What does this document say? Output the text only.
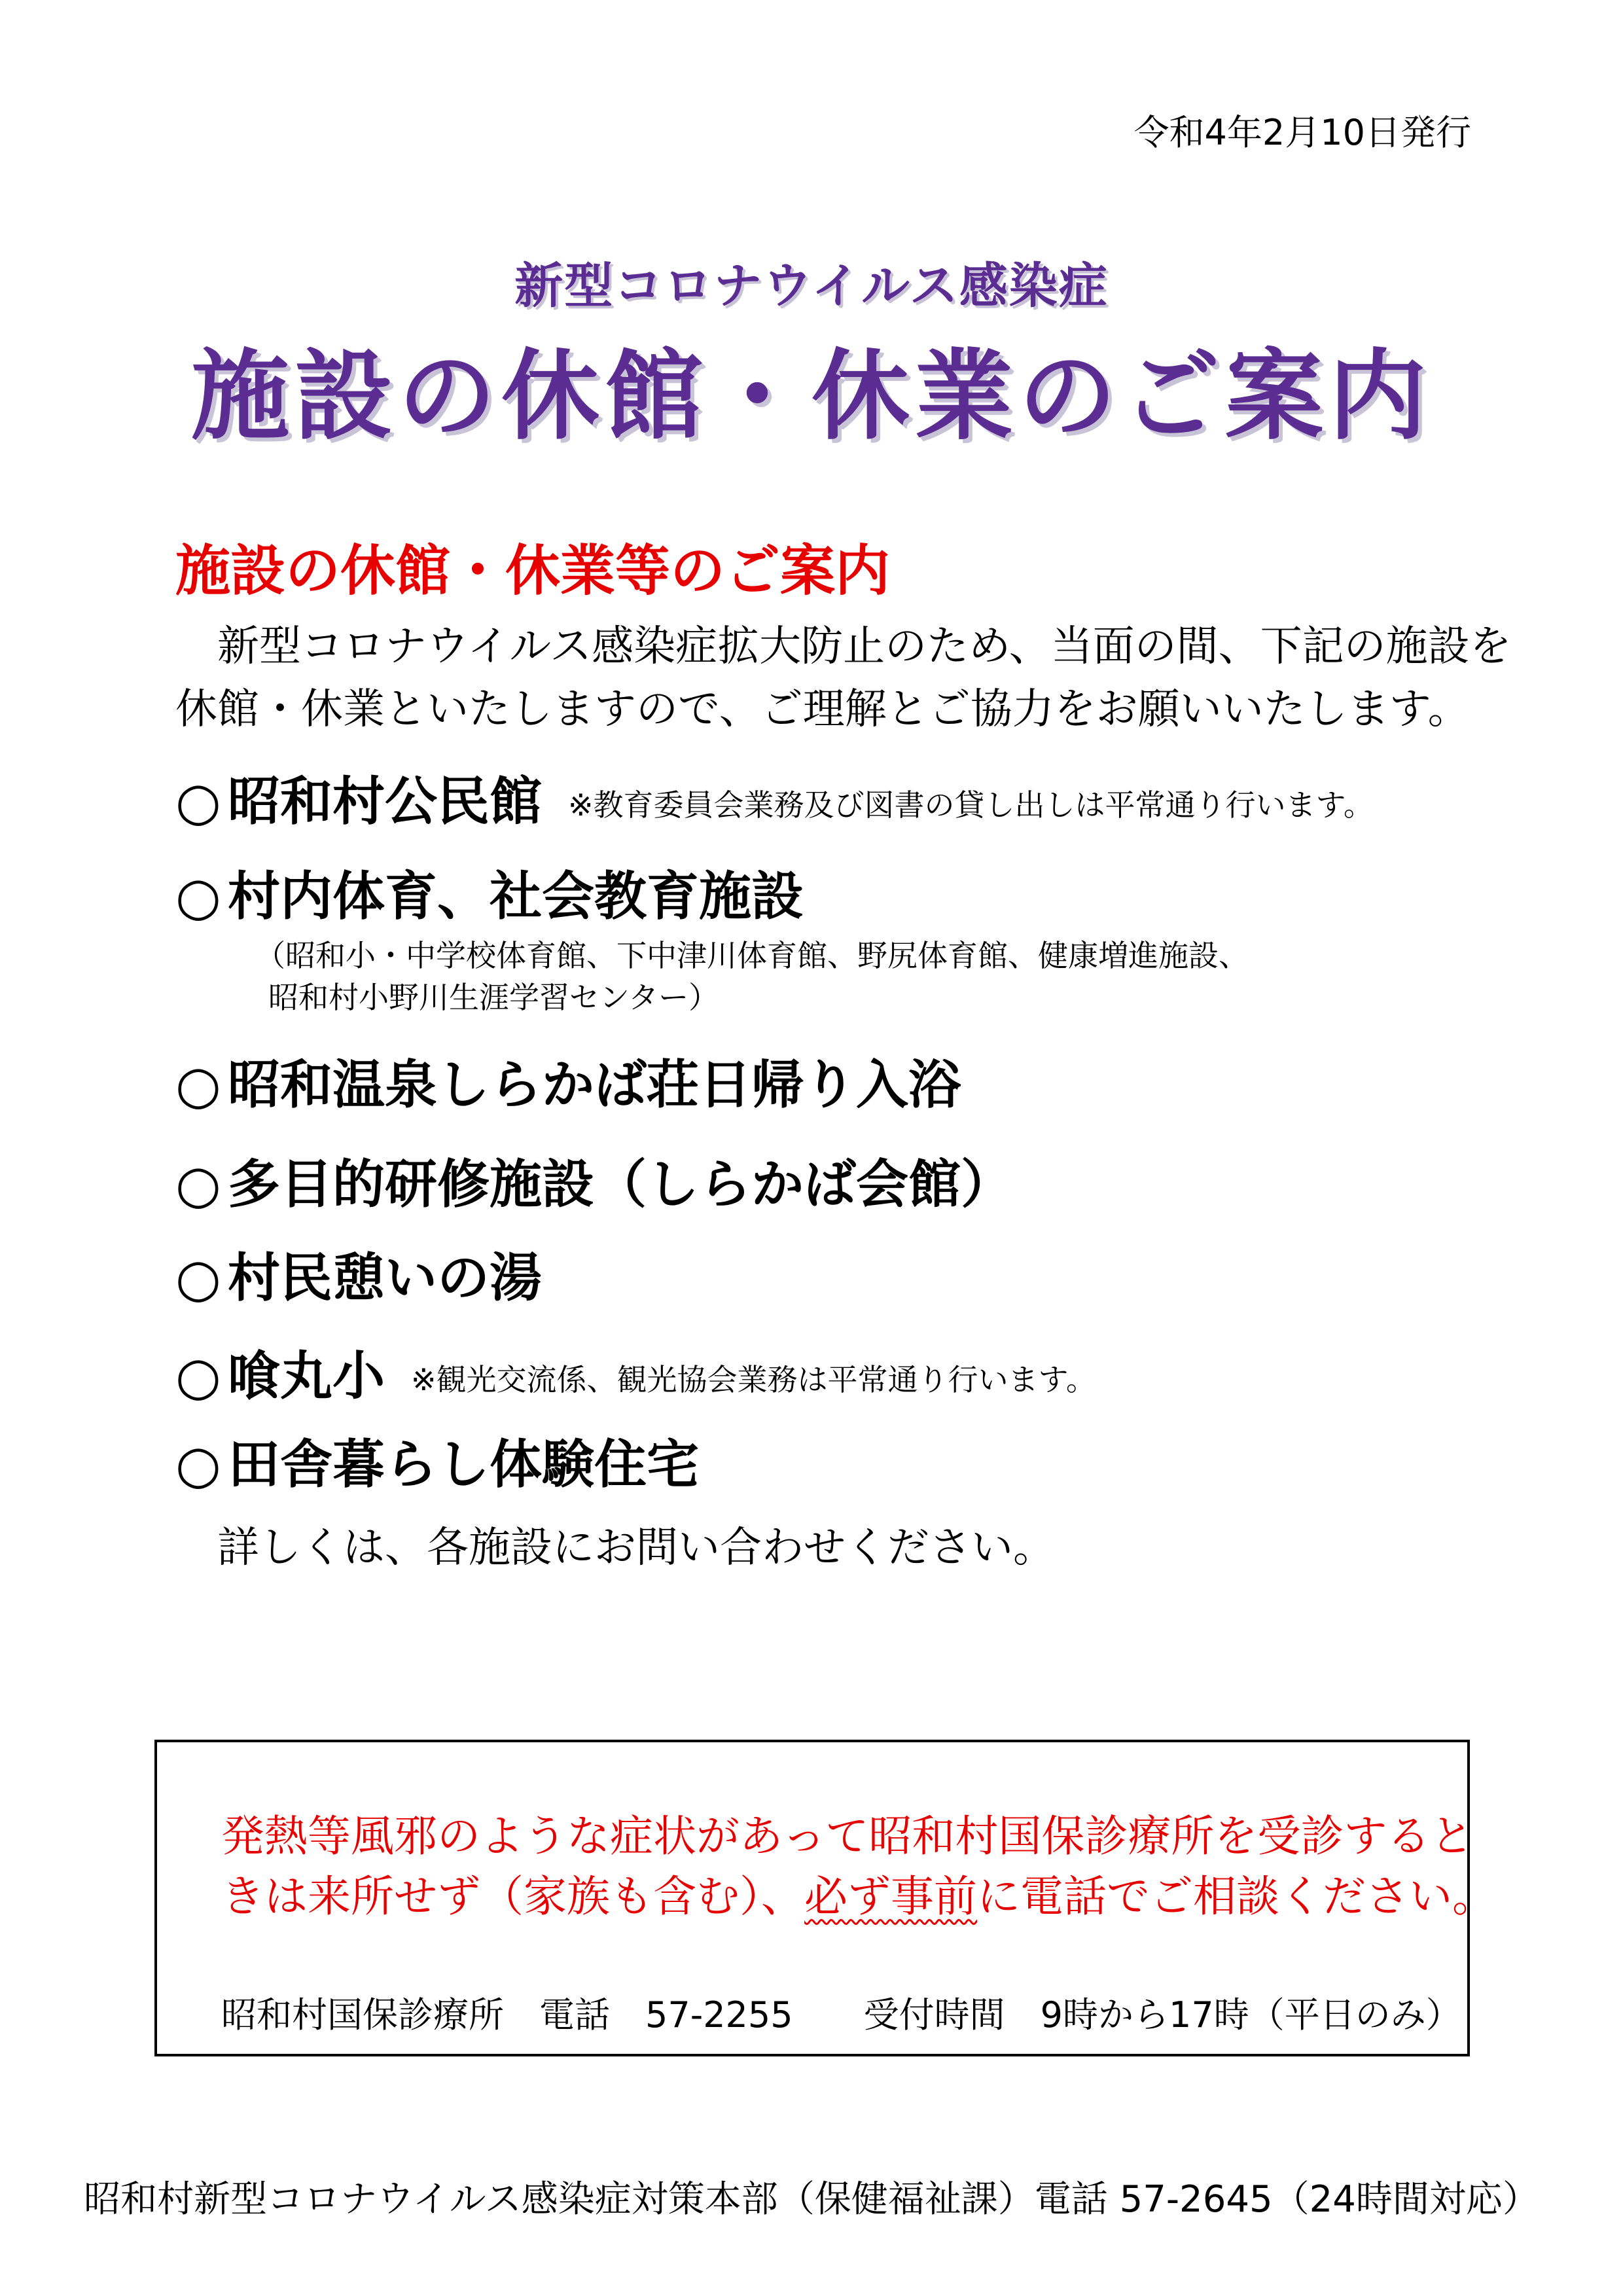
令和4年2月10日発行
新型コロナウイルス感染症
施設の休館・休業のご案内
施設の休館・休業等のご案内
新型コロナウイルス感染症拡大防止のため、当面の間、下記の施設を
休館・休業といたしますので、ご理解とご協力をお願いいたします。
○ 昭和村公民館 ※教育委員会業務及び図書の貸し出しは平常通り行います。
○ 村内体育、社会教育施設
（昭和小・中学校体育館、下中津川体育館、野尻体育館、健康増進施設、
昭和村小野川生涯学習センター）
○ 昭和温泉しらかば荘日帰り入浴
○ 多目的研修施設（しらかば会館）
○ 村民憩いの湯
○ 喰丸小 ※観光交流係、観光協会業務は平常通り行います。
○ 田舎暮らし体験住宅
詳しくは、各施設にお問い合わせください。
発熱等風邪のような症状があって昭和村国保診療所を受診すると
きは来所せず（家族も含む）、必ず事前に電話でご相談ください。
昭和村国保診療所　電話　57-2255　　受付時間　9時から17時（平日のみ）
昭和村新型コロナウイルス感染症対策本部（保健福祉課）電話 57-2645（24時間対応）
